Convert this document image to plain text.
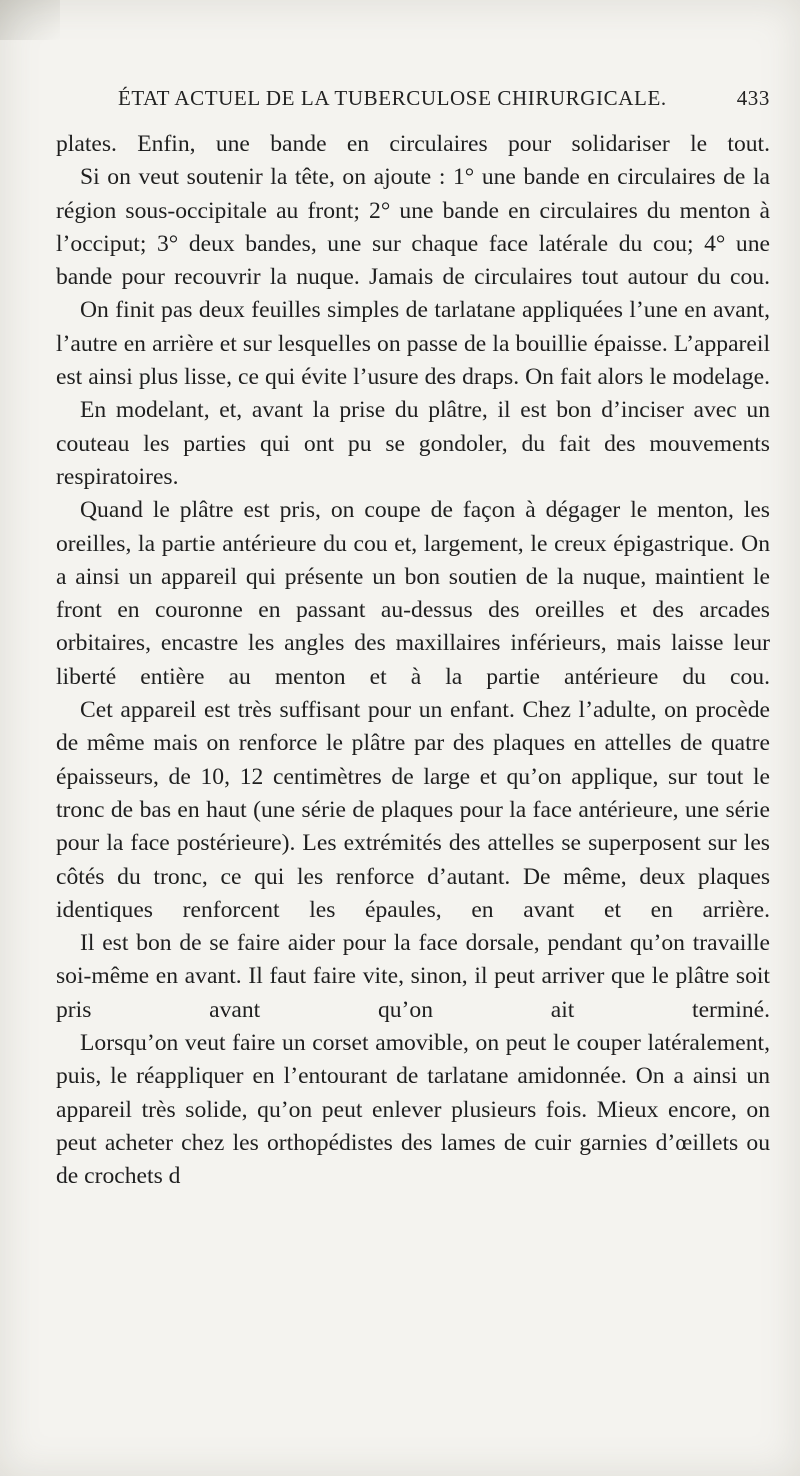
ÉTAT ACTUEL DE LA TUBERCULOSE CHIRURGICALE.	433

plates. Enfin, une bande en circulaires pour solidariser le tout.

Si on veut soutenir la tête, on ajoute : 1° une bande en circulaires de la région sous-occipitale au front; 2° une bande en circulaires du menton à l’occiput; 3° deux bandes, une sur chaque face latérale du cou; 4° une bande pour recouvrir la nuque. Jamais de circulaires tout autour du cou.

On finit pas deux feuilles simples de tarlatane appliquées l’une en avant, l’autre en arrière et sur lesquelles on passe de la bouillie épaisse. L’appareil est ainsi plus lisse, ce qui évite l’usure des draps. On fait alors le modelage.

En modelant, et, avant la prise du plâtre, il est bon d’inciser avec un couteau les parties qui ont pu se gondoler, du fait des mouvements respiratoires.

Quand le plâtre est pris, on coupe de façon à dégager le menton, les oreilles, la partie antérieure du cou et, largement, le creux épigastrique. On a ainsi un appareil qui présente un bon soutien de la nuque, maintient le front en couronne en passant au-dessus des oreilles et des arcades orbitaires, encastre les angles des maxillaires inférieurs, mais laisse leur liberté entière au menton et à la partie antérieure du cou.

Cet appareil est très suffisant pour un enfant. Chez l’adulte, on procède de même mais on renforce le plâtre par des plaques en attelles de quatre épaisseurs, de 10, 12 centimètres de large et qu’on applique, sur tout le tronc de bas en haut (une série de plaques pour la face antérieure, une série pour la face postérieure). Les extrémités des attelles se superposent sur les côtés du tronc, ce qui les renforce d’autant. De même, deux plaques identiques renforcent les épaules, en avant et en arrière.

Il est bon de se faire aider pour la face dorsale, pendant qu’on travaille soi-même en avant. Il faut faire vite, sinon, il peut arriver que le plâtre soit pris avant qu’on ait terminé.

Lorsqu’on veut faire un corset amovible, on peut le couper latéralement, puis, le réappliquer en l’entourant de tarlatane amidonnée. On a ainsi un appareil très solide, qu’on peut enlever plusieurs fois. Mieux encore, on peut acheter chez les orthopédistes des lames de cuir garnies d’œillets ou de crochets d
